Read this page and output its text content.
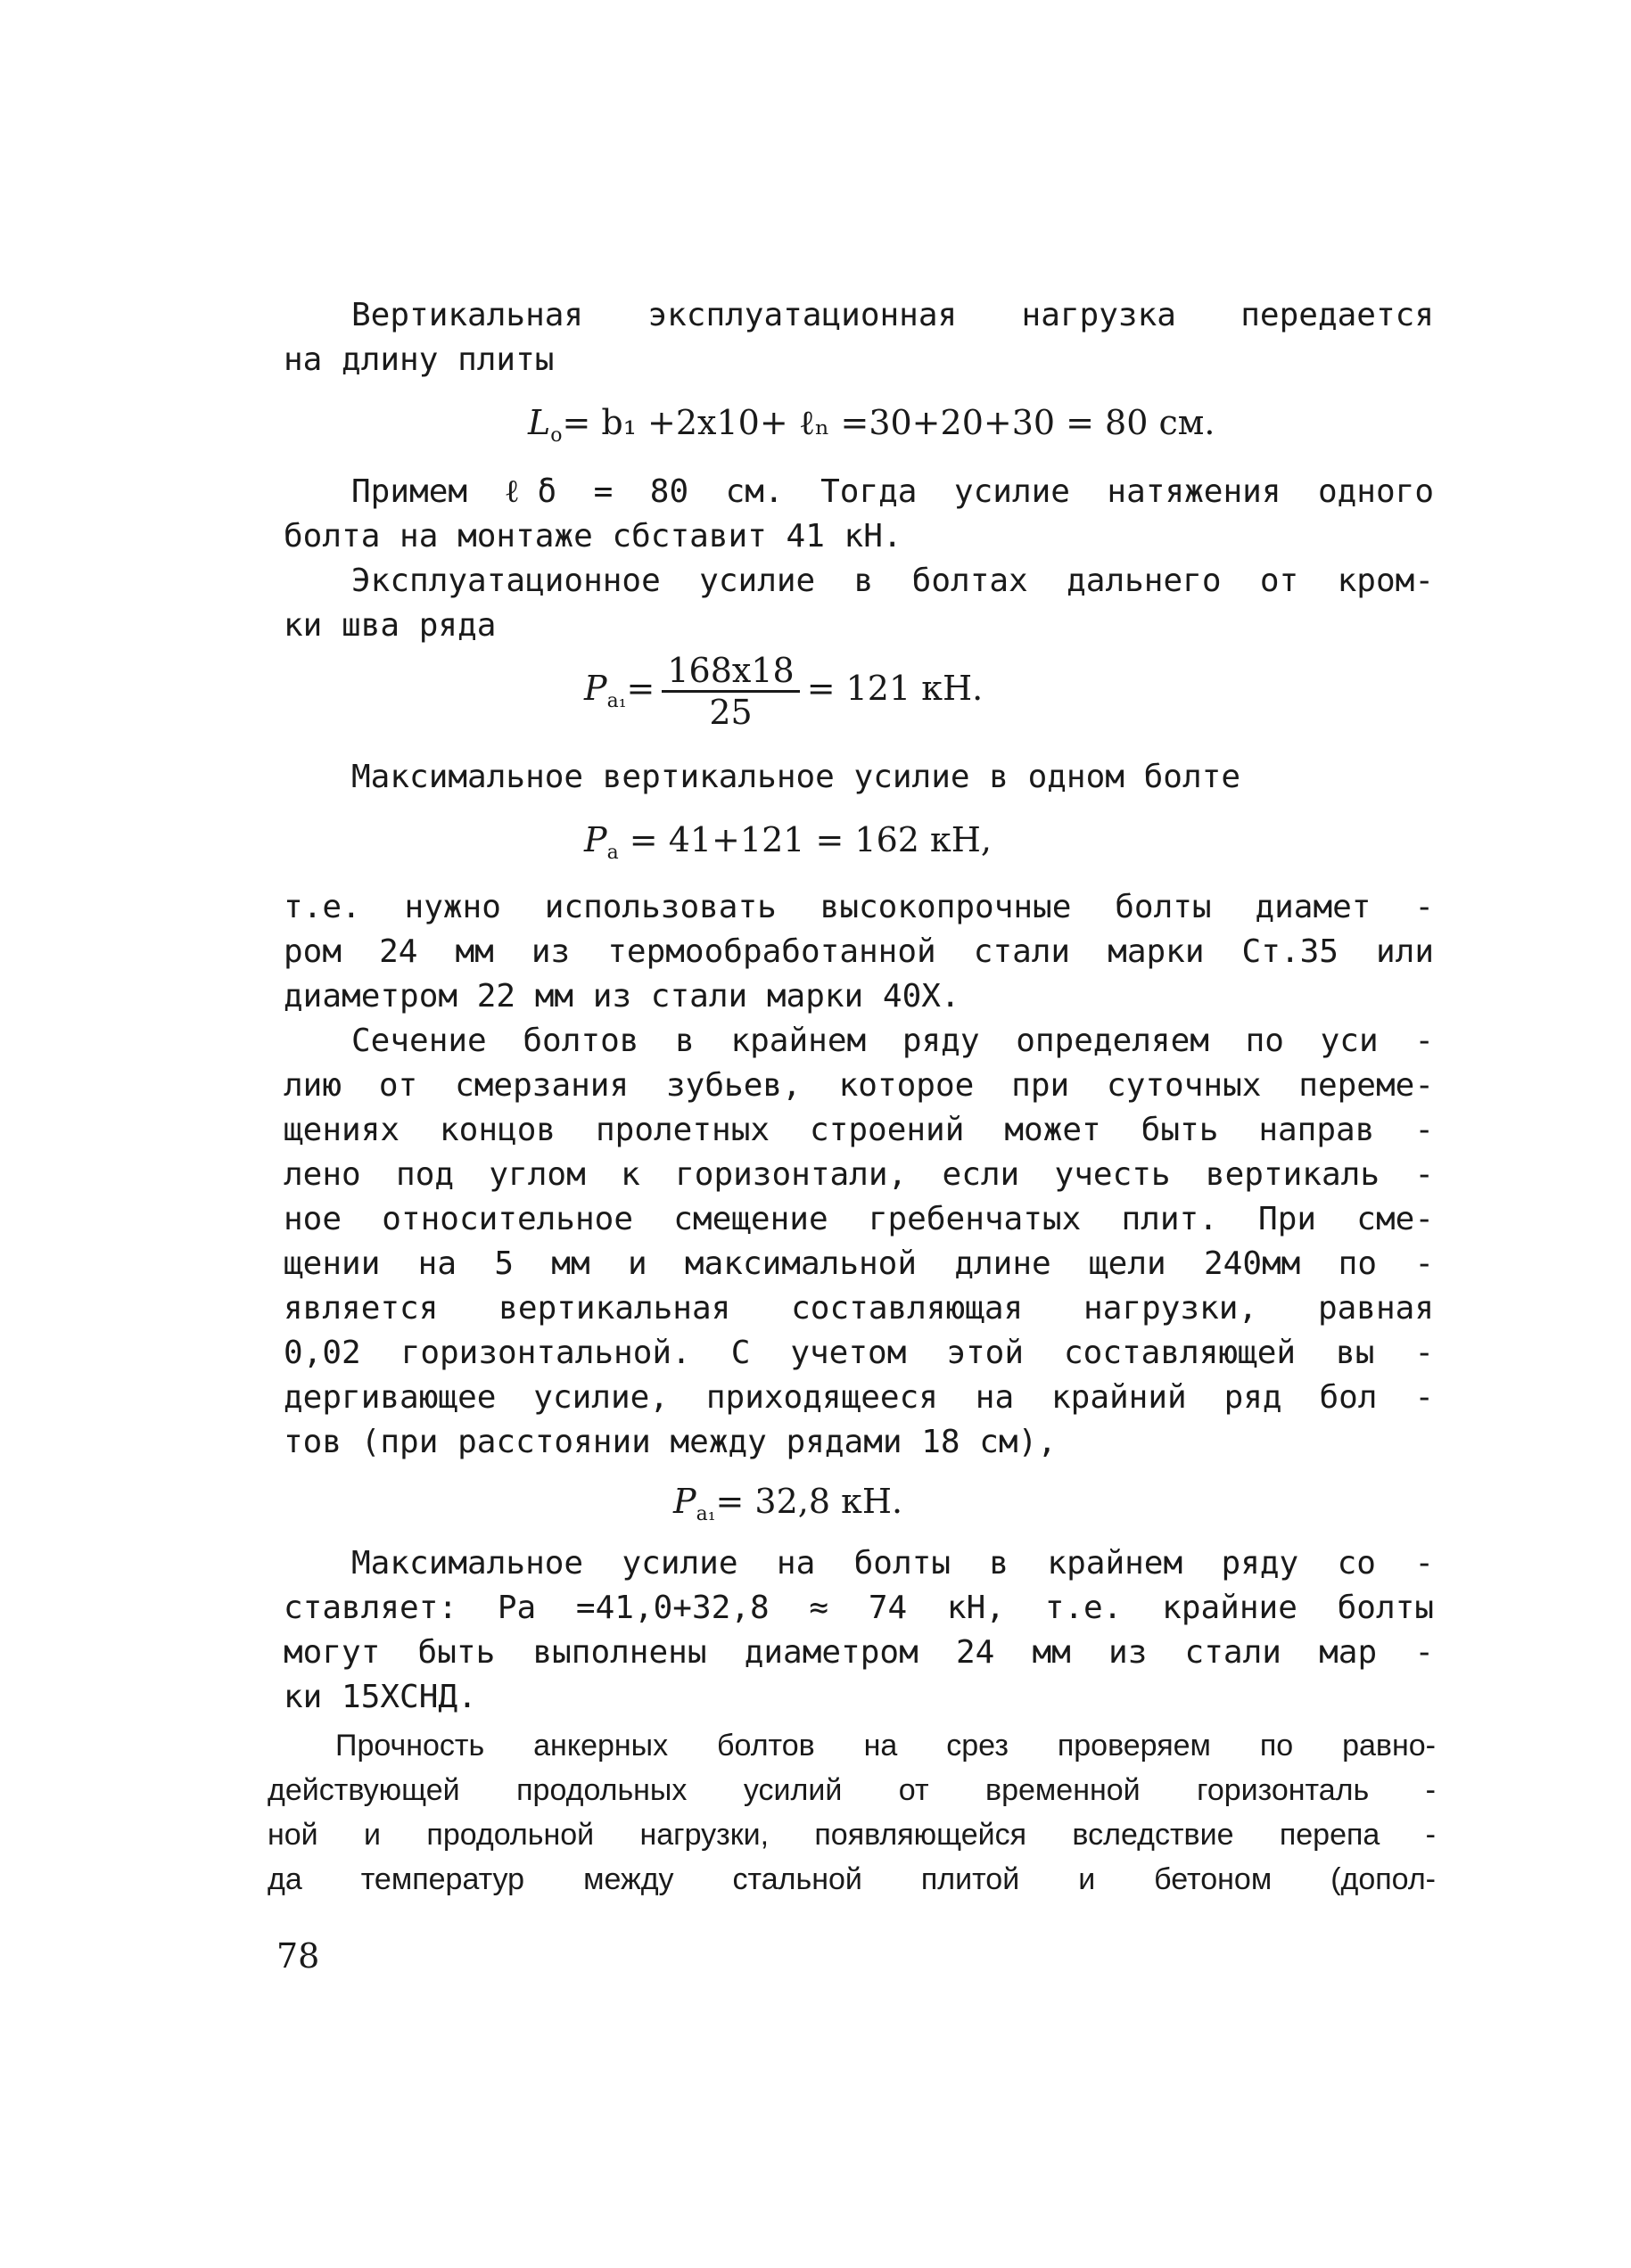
Вертикальная эксплуатационная нагрузка передается
на длину плиты
$L_o= b_1 +2x10+$ ℓₙ =30+20+30 = 80 см.
Примем ℓδ = 80 см. Тогда усилие натяжения одного
болта на монтаже сбставит 41 кН.
Эксплуатационное усилие в болтах дальнего от кром-
ки шва ряда
$P_{a_1}= \frac{168x18}{25} = 121$ кН.
Максимальное вертикальное усилие в одном болте
$P_a = 41+121 = 162$ кН,
т.е. нужно использовать высокопрочные болты диамет -
ром 24 мм из термообработанной стали марки Ст.35 или
диаметром 22 мм из стали марки 40Х.
Сечение болтов в крайнем ряду определяем по уси -
лию от смерзания зубьев, которое при суточных переме-
щениях концов пролетных строений может быть направ -
лено под углом к горизонтали, если учесть вертикаль -
ное относительное смещение гребенчатых плит. При сме-
щении на 5 мм и максимальной длине щели 240мм по -
является вертикальная составляющая нагрузки, равная
0,02 горизонтальной. С учетом этой составляющей вы -
дергивающее усилие, приходящееся на крайний ряд бол -
тов (при расстоянии между рядами 18 см),
$P_{a_1}= 32,8$ кН.
Максимальное усилие на болты в крайнем ряду со -
ставляет: Pa =41,0+32,8 ≈ 74 кН, т.е. крайние болты
могут быть выполнены диаметром 24 мм из стали мар -
ки 15ХСНД.
Прочность анкерных болтов на срез проверяем по равно-
действующей продольных усилий от временной горизонталь -
ной и продольной нагрузки, появляющейся вследствие перепа -
да температур между стальной плитой и бетоном (допол-
78
